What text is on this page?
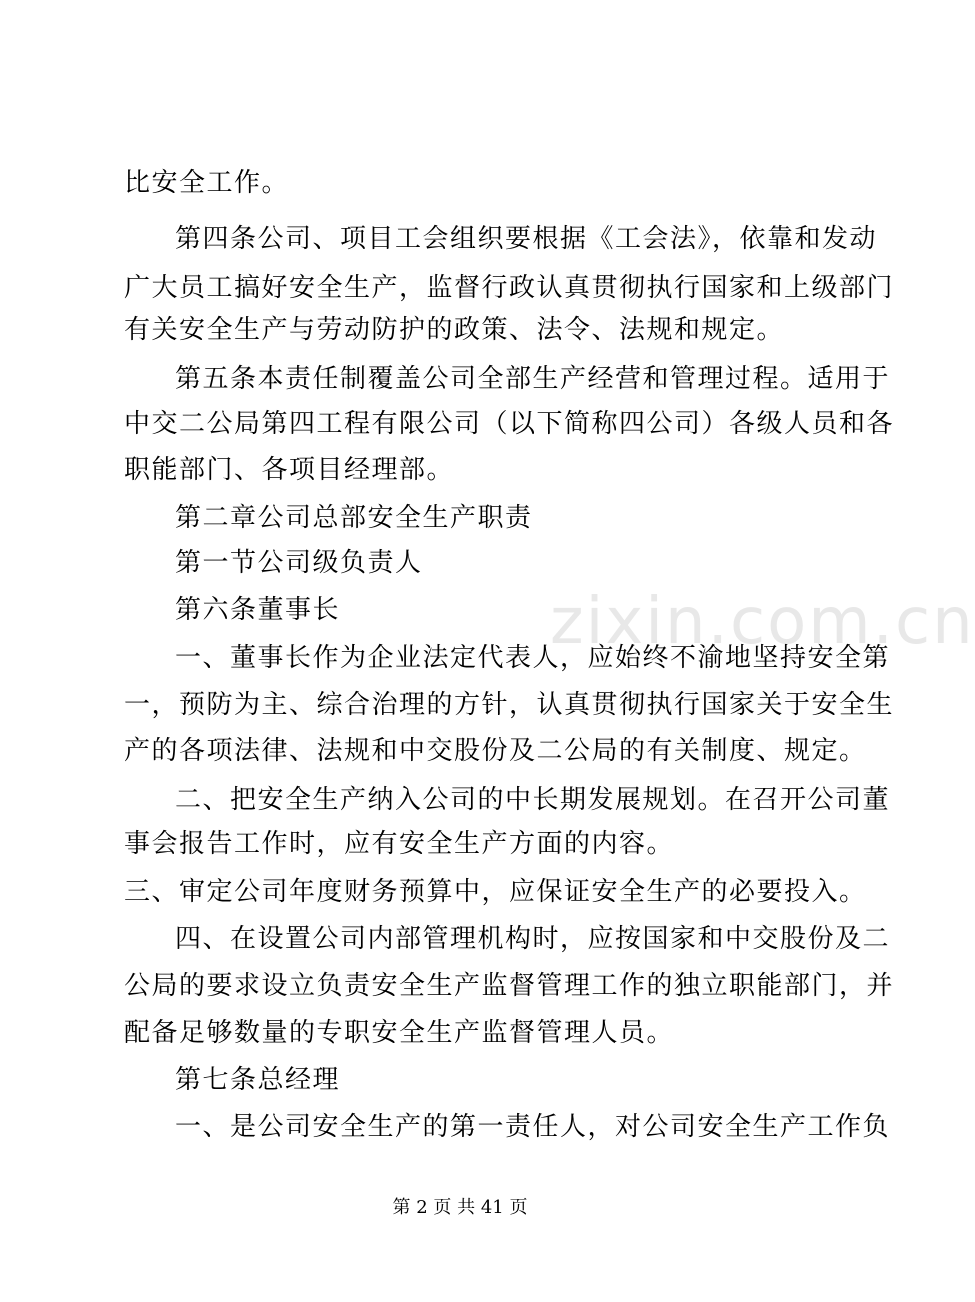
zixin.com.cn
比安全工作。
第四条公司、项目工会组织要根据《工会法》，依靠和发动
广大员工搞好安全生产，监督行政认真贯彻执行国家和上级部门
有关安全生产与劳动防护的政策、法令、法规和规定。
第五条本责任制覆盖公司全部生产经营和管理过程。适用于
中交二公局第四工程有限公司（以下简称四公司）各级人员和各
职能部门、各项目经理部。
第二章公司总部安全生产职责
第一节公司级负责人
第六条董事长
一、董事长作为企业法定代表人，应始终不渝地坚持安全第
一，预防为主、综合治理的方针，认真贯彻执行国家关于安全生
产的各项法律、法规和中交股份及二公局的有关制度、规定。
二、把安全生产纳入公司的中长期发展规划。在召开公司董
事会报告工作时，应有安全生产方面的内容。
三、审定公司年度财务预算中，应保证安全生产的必要投入。
四、在设置公司内部管理机构时，应按国家和中交股份及二
公局的要求设立负责安全生产监督管理工作的独立职能部门，并
配备足够数量的专职安全生产监督管理人员。
第七条总经理
一、是公司安全生产的第一责任人，对公司安全生产工作负
第 2 页 共 41 页
